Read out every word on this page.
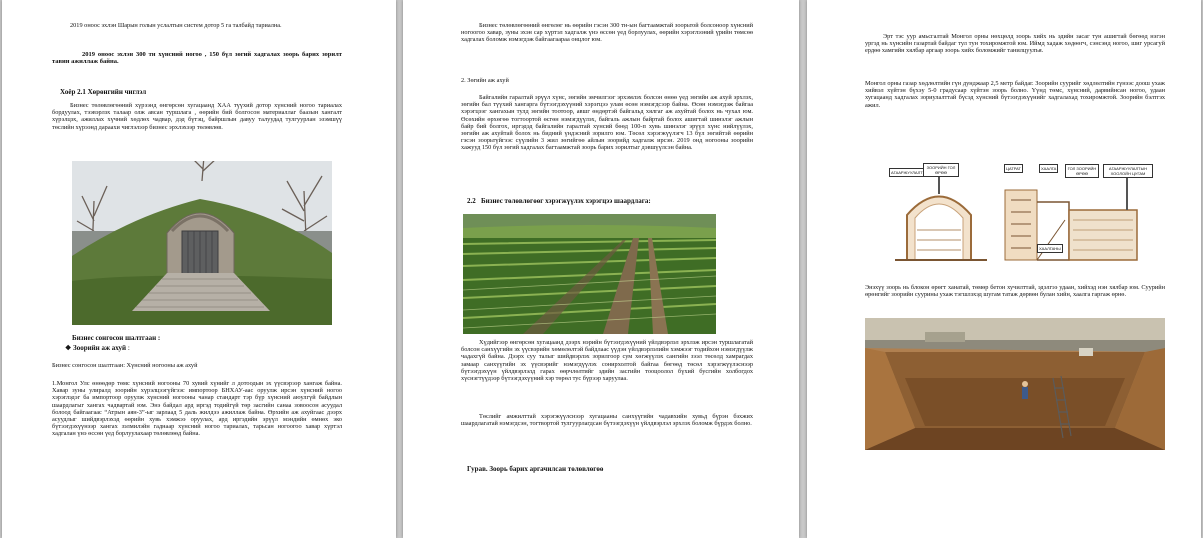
2019 оноос эхлэн Шарын голын услалтын систем дотор 5 га талбайд тариална.

2019 оноос эхлэн 300 тн хүнсний ногоо , 150 бүл зөгий хадгалах зоорь барих зорилт тавин ажиллаж байна.

Хоёр 2.1 Хөрөнгийн чиглэл

Бизнес төлөвлөгөөний хүрээнд өнгөрсөн хугацаанд ХАА түүхий дотор хүнсний ногоо тариалах бордуулах, тээвэрлэх талаар олж авсан туршлага , өөрийн бий болгосон материаллаг баазын хангалт хүрэлцэх, ажиллах хүчний хөдлөх чадвар, дэд бүтэц, байршлын давуу талуудад тулгуурлан эзэмшүү төслийн хүрээнд дараахи чиглэлээр бизнес эрхлэхээр төлөвлөв.

Бизнес сонгосон шалтгаан :

❖ Зоорийн аж ахуй :

Бизнес сонгосон шалтгаан: Хүнсний ногооны аж ахуй

1.Монгол Улс өнөөдөр төмс хүнсний ногооны 70 хувий хүнийг л дотоодын эх үүсвэрээр хангаж байна. Хавар зуны улиралд зоорийн хүрэлцээгүйгээс импортоор БНХАУ-аас оруулж ирсэн хүнсний ногоо хэрэглэдэг ба импортоор оруулж хүнсний ногооны чанар стандарт тэр бүр хүнсний аюулгүй байдлын шаардлагыг хангах чадвартай юм. Энэ байдал ард иргэд тодийгүй төр засгийн санаа зовоосон асуудал болоод байгаагааc “Атрын аян-3”-ыг зарлаад 5 даль жилдээ ажиллаж байна. Өрхийн аж ахуйгаас дээрх асуудлыг шийдвэрлэхэд өөрийн хувь хэмжээ оруулах, ард иргэдийн эрүүл мэндийн өмнөх эко бүтээгдэхүүнээр хангах зэлмилэйн гаднаар хүнсний ногоо тариалах, тарьсан ногоогоо хавар хүртэл хадгалан үнэ өссөн үед борлуулахаар төлөвлөөд байна.

Бизнес төлөвлөгөөний өнгөлөг нь өөрийн гэсэн 300 тн-ын багтаамжтай зоорьтой болсоноор хүнсний ногоогоо хавар, зуны эхэн сар хүртэл хадгалж үнэ өссөн үед борлуулах, өөрийн хэрэглээний үрийн төмсөө хадгалах боломж нэмэгдэж байгаагаараа онцлог юм.

2. Зөгийн аж ахуй

Байгалийн гаралтай эрүүл хүнс, зөгийн эмчилгээг эрхэмлэх болсон өнөө үед зөгийн аж ахуй эрхлэх, зөгийн бал түүхий хангарга бүтээгдэхүүний хэрэгцээ улам өсөн нэмэгдсээр байна. Өсөн нэмэгдэж байгаа хэрэгцээг хангахын тулд зөгийн тоотоор, авшг өндөртэй байгальд хялгаг аж ахуйтай болох нь чухал юм. Өсөхийн өрхөгөө тогтоортой өсгөн нэмэгдүүлэх, байгаль ажлын байртай болох ашигтай шинэлэг ажлын байр бий болгох, иргэдэд байгалийн гаралтай хүнсий бөөд 100-п хувь шинэлэг эрүүл хүнс нийлүүлэх, зөгийн аж ахуйтай болох нь бидний үндэсний зорилго юм. Төсөл хэрэгжүүлэгч 13 бүл зөгийтэй өөрийн гэсэн зоорьтүйгээс сүүлийн 3 жил зөгийгөө айлын зоорийд хадгалж ирсэн. 2019 онд ногооны зоорийн хажууд 150 бүл зөгий хадгалах багтаамжтай зоорь барих зорилтыг дэвшүүлсэн байна.

2.2 Бизнес төлөвлөгөөг хэрэгжүүлэх хэрэгцээ шаардлага:

Хүдийгээр өнгөрсөн хугацаанд дээрх нэрийн бүтээгдэхүүний үйлдвэрлэл эрхлэж ирсэн туршлагатай болсон санхүүгийн эх үүсвэрийн хөмөлөлтэй байдлаас үүдэн үйлдвэрлэлийн хэмжээг тодийхон нэмэгдүүлж чадахгүй байна. Дээрх суу талыг шийдвэрлэх зорилгоор сум хөгжүүлэх сангийн зээл төсөлд хамрагдах замаар санхүүгийн эх үүсвэрийг нэмэгдүүлэх сонирхолтой байгаа бөгөөд төсөл хэрэгжүүлэснээр бүтээгдэхүүн үйлдвэрлэлд гарах өөрчлөлтийг эдийн засгийн тооцоолол бүхий бусгийн холбогдох хүснэгтүүдээр бүтээгдэхүүний хэр төрөл тус бүрээр харуулаа.

Төслийг амжилттай хэрэгжүүлснээр хугацааны санхүүгийн чадавхийн хувьд бүрэн бэхжих шаардлагатай нэмэгдсэн, тогтвортой тулгуурлагдсан бүтээгдэхүүн үйлдвэрлэл эрхлэх боломж бүрдэх болно.

Гурав. Зоорь барих аргачилсан төлөвлөгөө

Эрт тэс уур амьсгалтай Монгол орны нөхцөлд зоорь хийх нь эдийн засаг тун ашигтай бөгөөд нэгэн ургэд нь хүнсийн газартай байдаг тул тун тохиромжтой юм. Иймд хадаж хөдөөгч, сэнсэнд ногоо, шиг урсагуй ердөө хамгийн хялбар аргаар зоорь хийх боломжийг танилцуулъя.

Монгол орны газар хөдлөлтийн гүн дунджаар 2,5 метр байдаг. Зоорийн суурийг хөдлөлтийн гүнээс доош ухаж хийвэл хүйтэн бүхэу 5-0 градусаар хүйтэн зоорь болно. Үүнд төмс, хүнсний, дарвийнсан ногоо, удаан хугацаанд хадгалах зориулалттай бүсэд хүнсний бүтээгдэхүүнийг хадгалахад тохиромжтой. Зоорийн бэлтгэх ажил.

АГААРЖУУЛАЛТ
ЗООРИЙН ГОЛ ӨРӨӨ
ЦАТРАТ	ХААЛГА	ГОЛ ЗООРИЙН ӨРӨӨ
АГААРЖУУЛАЛТЫН ХООЛОЙН ЦУГАМ
ХААЛГАНЫ

Энэхүү зоорь нь блокон өрөгт ханатай, төмөр бетон хучилттай, эдэлгээ удаан, хийхэд нэн хялбар юм. Суурийн өрөнгийг зоорийн суурины ухаж тэгшлэхэд шугам татаж дөрвөн булан хийн, хаалга гаргаж өрнө.
